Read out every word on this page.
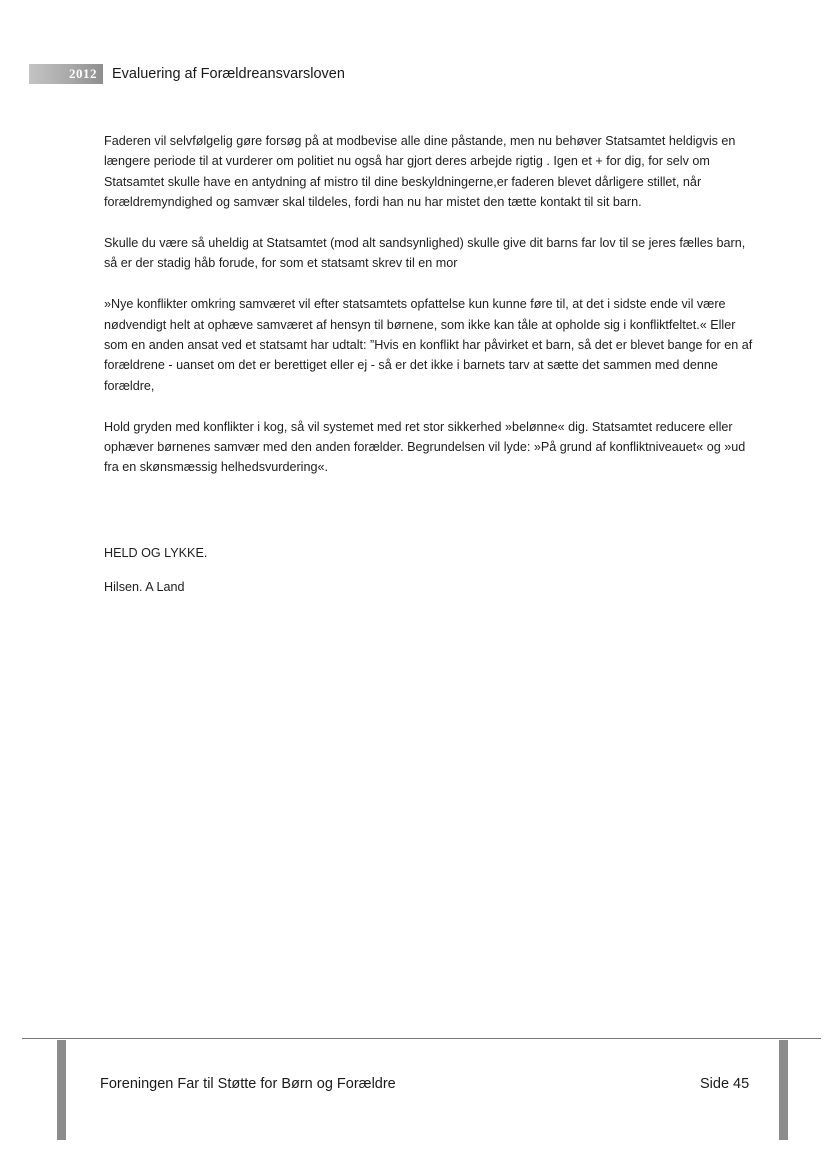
2012	Evaluering af Forældreansvarsloven

Faderen vil selvfølgelig gøre forsøg på at modbevise alle dine påstande, men nu behøver Statsamtet heldigvis en længere periode til at vurderer om politiet nu også har gjort deres arbejde rigtig . Igen et + for dig, for selv om Statsamtet skulle have en antydning af mistro til dine beskyldningerne,er faderen blevet dårligere stillet, når forældremyndighed og samvær skal tildeles, fordi han nu har mistet den tætte kontakt til sit barn.

Skulle du være så uheldig at Statsamtet (mod alt sandsynlighed) skulle give dit barns far lov til se jeres fælles barn, så er der stadig håb forude, for som et statsamt skrev til en mor

»Nye konflikter omkring samværet vil efter statsamtets opfattelse kun kunne føre til, at det i sidste ende vil være nødvendigt helt at ophæve samværet af hensyn til børnene, som ikke kan tåle at opholde sig i konfliktfeltet.« Eller som en anden ansat ved et statsamt har udtalt: ”Hvis en konflikt har påvirket et barn, så det er blevet bange for en af forældrene - uanset om det er berettiget eller ej - så er det ikke i barnets tarv at sætte det sammen med denne forældre,

Hold gryden med konflikter i kog, så vil systemet med ret stor sikkerhed »belønne« dig. Statsamtet reducere eller ophæver børnenes samvær med den anden forælder. Begrundelsen vil lyde: »På grund af konfliktniveauet« og »ud fra en skønsmæssig helhedsvurdering«.

HELD OG LYKKE.
Hilsen. A Land
Foreningen Far til Støtte for Børn og Forældre	Side 45
